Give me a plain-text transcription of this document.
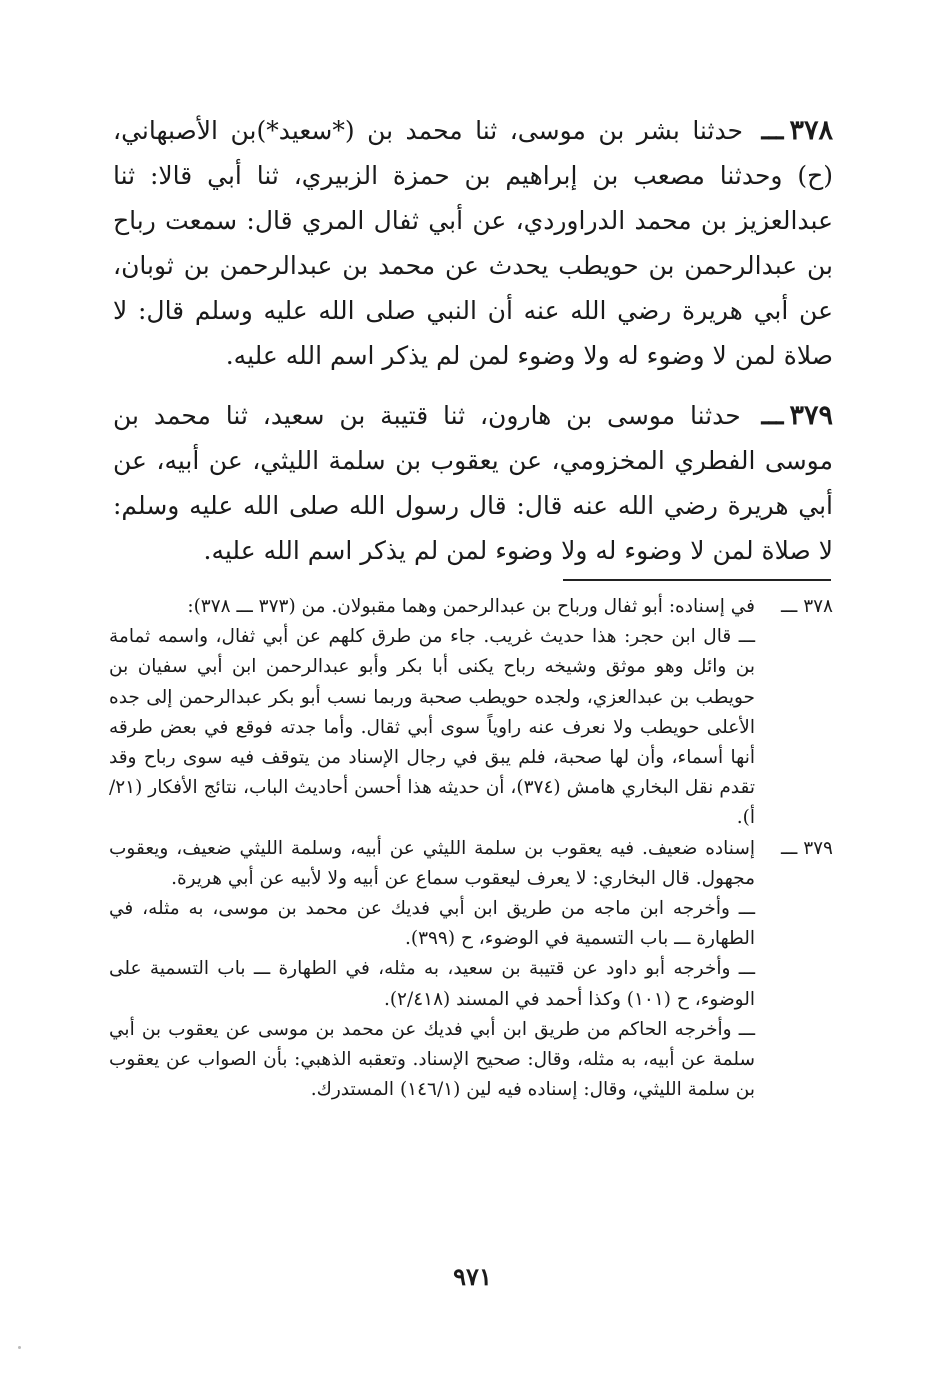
٣٧٨ـــ حدثنا بشر بن موسى، ثنا محمد بن (*سعيد*)بن الأصبهاني، (ح) وحدثنا مصعب بن إبراهيم بن حمزة الزبيري، ثنا أبي قالا: ثنا عبدالعزيز بن محمد الدراوردي، عن أبي ثفال المري قال: سمعت رباح بن عبدالرحمن بن حويطب يحدث عن محمد بن عبدالرحمن بن ثوبان، عن أبي هريرة رضي الله عنه أن النبي صلى الله عليه وسلم قال: لا صلاة لمن لا وضوء له ولا وضوء لمن لم يذكر اسم الله عليه.

٣٧٩ـــ حدثنا موسى بن هارون، ثنا قتيبة بن سعيد، ثنا محمد بن موسى الفطري المخزومي، عن يعقوب بن سلمة الليثي، عن أبيه، عن أبي هريرة رضي الله عنه قال: قال رسول الله صلى الله عليه وسلم: لا صلاة لمن لا وضوء له ولا وضوء لمن لم يذكر اسم الله عليه.

٣٧٨ ـــ
في إسناده: أبو ثفال ورباح بن عبدالرحمن وهما مقبولان. من (٣٧٣ ـــ ٣٧٨):
ـــ قال ابن حجر: هذا حديث غريب. جاء من طرق كلهم عن أبي ثفال، واسمه ثمامة بن وائل وهو موثق وشيخه رباح يكنى أبا بكر وأبو عبدالرحمن ابن أبي سفيان بن حويطب بن عبدالعزي، ولجده حويطب صحبة وربما نسب أبو بكر عبدالرحمن إلى جده الأعلى حويطب ولا نعرف عنه راوياً سوى أبي ثقال. وأما جدته فوقع في بعض طرقه أنها أسماء، وأن لها صحبة، فلم يبق في رجال الإسناد من يتوقف فيه سوى رباح وقد تقدم نقل البخاري هامش (٣٧٤)، أن حديثه هذا أحسن أحاديث الباب، نتائج الأفكار (٢١/أ).
٣٧٩ ـــ
إسناده ضعيف. فيه يعقوب بن سلمة الليثي عن أبيه، وسلمة الليثي ضعيف، ويعقوب مجهول. قال البخاري: لا يعرف ليعقوب سماع عن أبيه ولا لأبيه عن أبي هريرة.
ـــ وأخرجه ابن ماجه من طريق ابن أبي فديك عن محمد بن موسى، به مثله، في الطهارة ـــ باب التسمية في الوضوء، ح (٣٩٩).
ـــ وأخرجه أبو داود عن قتيبة بن سعيد، به مثله، في الطهارة ـــ باب التسمية على الوضوء، ح (١٠١) وكذا أحمد في المسند (٢/٤١٨).
ـــ وأخرجه الحاكم من طريق ابن أبي فديك عن محمد بن موسى عن يعقوب بن أبي سلمة عن أبيه، به مثله، وقال: صحيح الإسناد. وتعقبه الذهبي: بأن الصواب عن يعقوب بن سلمة الليثي، وقال: إسناده فيه لين (١٤٦/١) المستدرك.
٩٧١
